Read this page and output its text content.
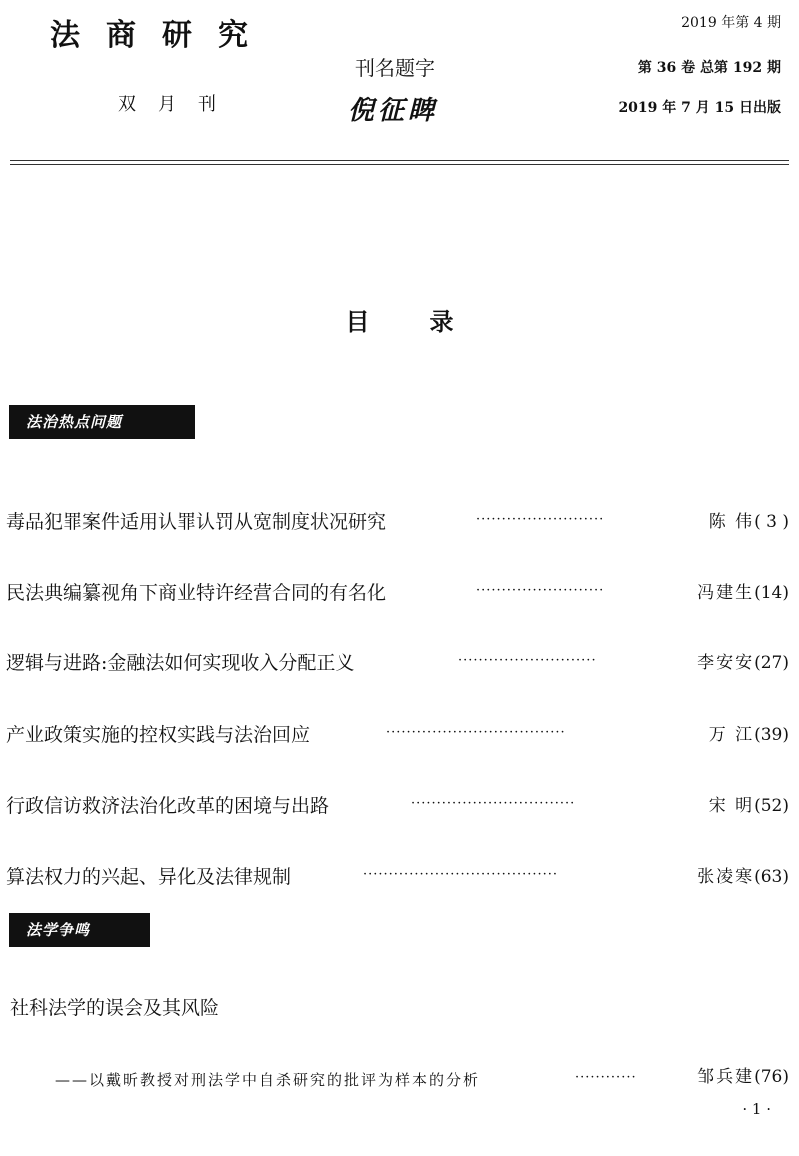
法商研究
双月刊
刊名题字
倪征睥
2019 年第 4 期
第 36 卷 总第 192 期
2019 年 7 月 15 日出版
目录
法治热点问题
毒品犯罪案件适用认罪认罚从宽制度状况研究	·························	陈 伟( 3 )
民法典编纂视角下商业特许经营合同的有名化	·························	冯建生(14)
逻辑与进路:金融法如何实现收入分配正义	···························	李安安(27)
产业政策实施的控权实践与法治回应	···································	万 江(39)
行政信访救济法治化改革的困境与出路	································	宋 明(52)
算法权力的兴起、异化及法律规制	······································	张凌寒(63)
法学争鸣
社科法学的误会及其风险
——以戴昕教授对刑法学中自杀研究的批评为样本的分析	············	邹兵建(76)
· 1 ·
